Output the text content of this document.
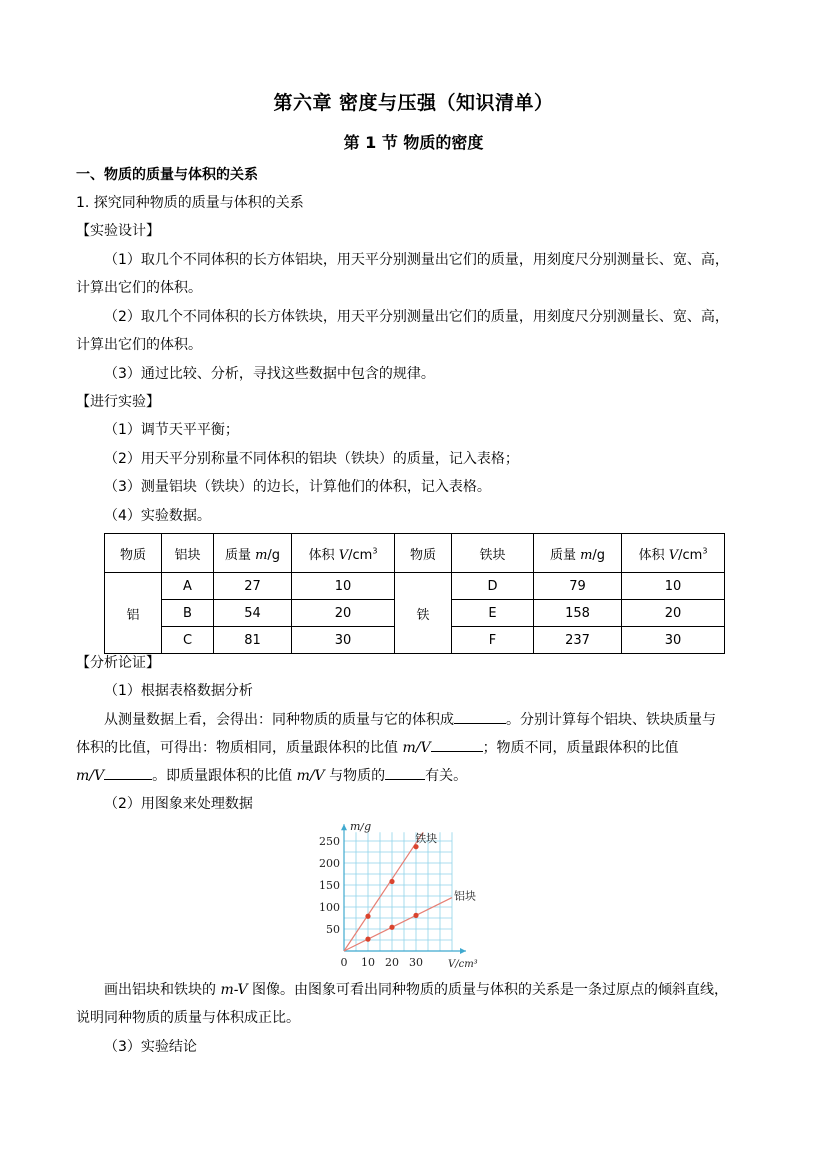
第六章 密度与压强（知识清单）
第 1 节 物质的密度
一、物质的质量与体积的关系
1. 探究同种物质的质量与体积的关系
【实验设计】
（1）取几个不同体积的长方体铝块，用天平分别测量出它们的质量，用刻度尺分别测量长、宽、高，
计算出它们的体积。
（2）取几个不同体积的长方体铁块，用天平分别测量出它们的质量，用刻度尺分别测量长、宽、高，
计算出它们的体积。
（3）通过比较、分析，寻找这些数据中包含的规律。
【进行实验】
（1）调节天平平衡；
（2）用天平分别称量不同体积的铝块（铁块）的质量，记入表格；
（3）测量铝块（铁块）的边长，计算他们的体积，记入表格。
（4）实验数据。
物质	铝块	质量 m/g	体积 $V/cm^3$	物质	铁块	质量 m/g	体积 $V/cm^3$
铝	A	27	10	铁	D	79	10
	B	54	20		E	158	20
	C	81	30		F	237	30
【分析论证】
（1）根据表格数据分析
从测量数据上看，会得出：同种物质的质量与它的体积成	。分别计算每个铝块、铁块质量与
体积的比值，可得出：物质相同，质量跟体积的比值 m/V	；物质不同，质量跟体积的比值
m/V	。即质量跟体积的比值 m/V 与物质的	有关。
（2）用图象来处理数据
50
100
150
200
250
0 10 20 30
m/g
V/cm³
铁块
铝块
画出铝块和铁块的 m-V 图像。由图象可看出同种物质的质量与体积的关系是一条过原点的倾斜直线，
说明同种物质的质量与体积成正比。
（3）实验结论
